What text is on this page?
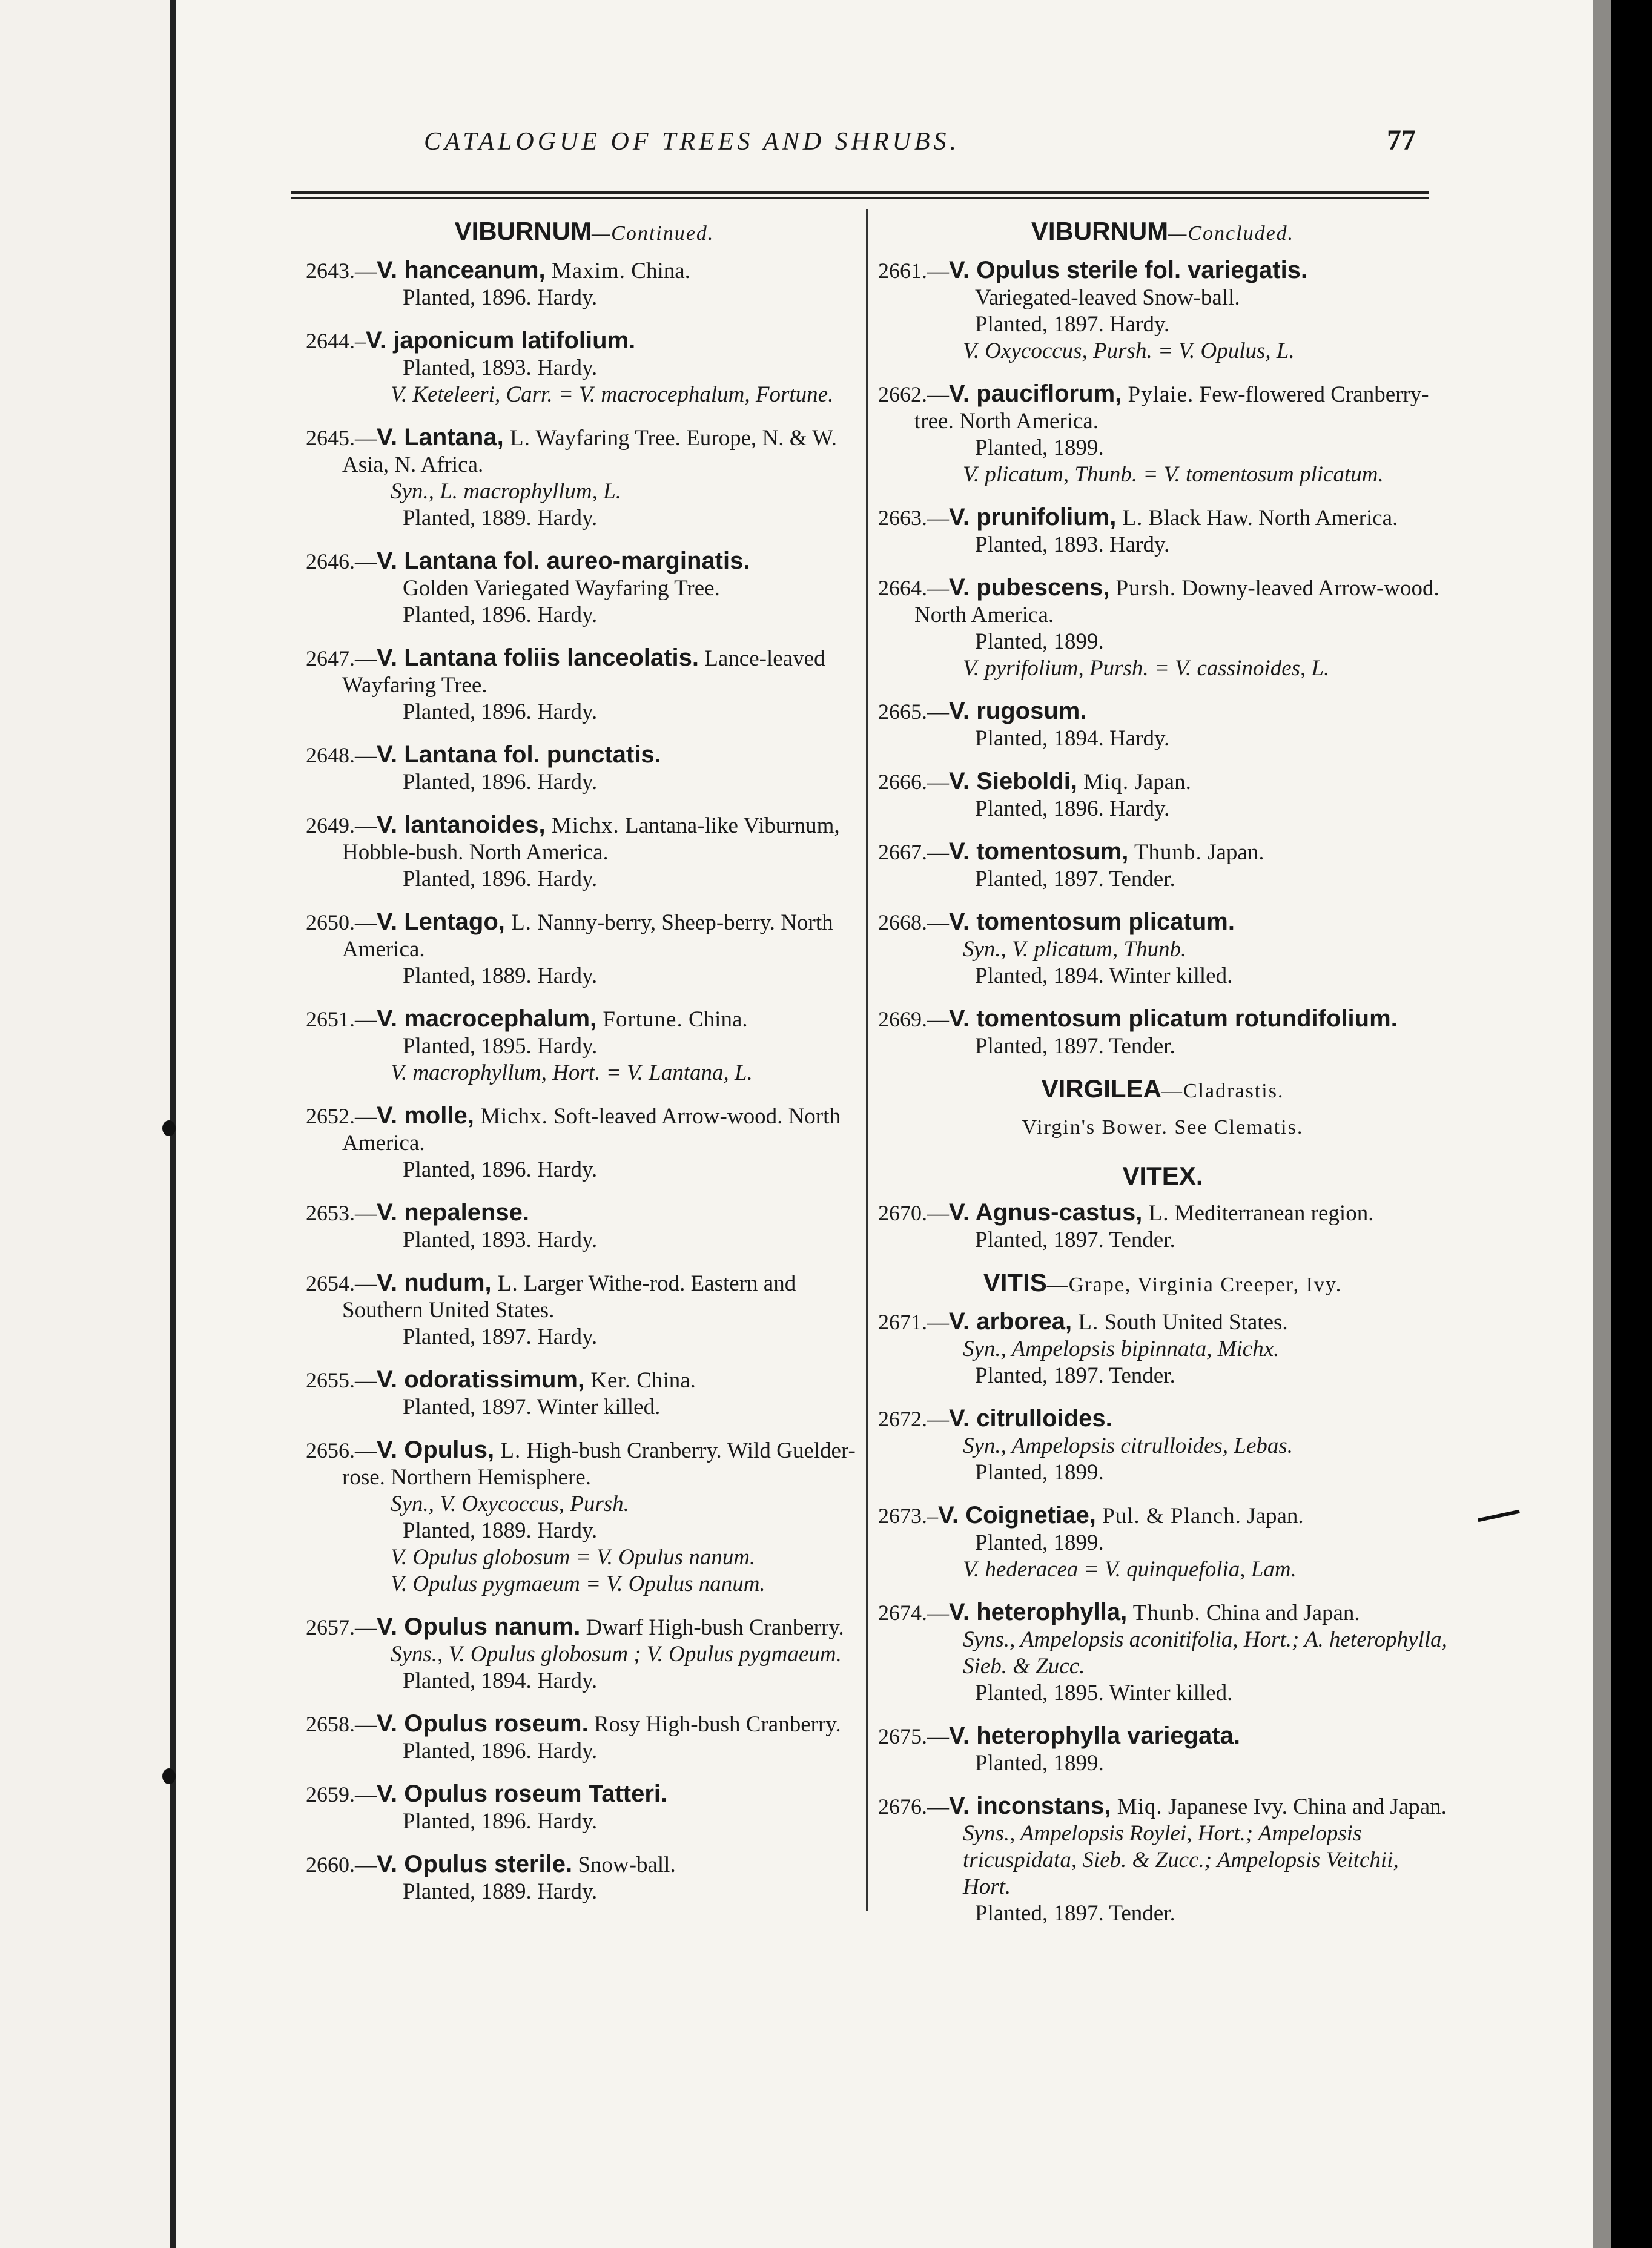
CATALOGUE OF TREES AND SHRUBS.	77
VIBURNUM—Continued.
2643.—V. hanceanum, Maxim. China.
Planted, 1896. Hardy.
2644.–V. japonicum latifolium.
Planted, 1893. Hardy.
V. Keteleeri, Carr. = V. macrocephalum, Fortune.
2645.—V. Lantana, L. Wayfaring Tree. Europe, N. & W. Asia, N. Africa.
Syn., L. macrophyllum, L.
Planted, 1889. Hardy.
2646.—V. Lantana fol. aureo-marginatis.
Golden Variegated Wayfaring Tree.
Planted, 1896. Hardy.
2647.—V. Lantana foliis lanceolatis. Lance-leaved Wayfaring Tree.
Planted, 1896. Hardy.
2648.—V. Lantana fol. punctatis.
Planted, 1896. Hardy.
2649.—V. lantanoides, Michx. Lantana-like Viburnum, Hobble-bush. North America.
Planted, 1896. Hardy.
2650.—V. Lentago, L. Nanny-berry, Sheep-berry. North America.
Planted, 1889. Hardy.
2651.—V. macrocephalum, Fortune. China.
Planted, 1895. Hardy.
V. macrophyllum, Hort. = V. Lantana, L.
2652.—V. molle, Michx. Soft-leaved Arrow-wood. North America.
Planted, 1896. Hardy.
2653.—V. nepalense.
Planted, 1893. Hardy.
2654.—V. nudum, L. Larger Withe-rod. Eastern and Southern United States.
Planted, 1897. Hardy.
2655.—V. odoratissimum, Ker. China.
Planted, 1897. Winter killed.
2656.—V. Opulus, L. High-bush Cranberry. Wild Guelder-rose. Northern Hemisphere.
Syn., V. Oxycoccus, Pursh.
Planted, 1889. Hardy.
V. Opulus globosum = V. Opulus nanum.
V. Opulus pygmaeum = V. Opulus nanum.
2657.—V. Opulus nanum. Dwarf High-bush Cranberry.
Syns., V. Opulus globosum ; V. Opulus pygmaeum.
Planted, 1894. Hardy.
2658.—V. Opulus roseum. Rosy High-bush Cranberry.
Planted, 1896. Hardy.
2659.—V. Opulus roseum Tatteri.
Planted, 1896. Hardy.
2660.—V. Opulus sterile. Snow-ball.
Planted, 1889. Hardy.
VIBURNUM—Concluded.
2661.—V. Opulus sterile fol. variegatis.
Variegated-leaved Snow-ball.
Planted, 1897. Hardy.
V. Oxycoccus, Pursh. = V. Opulus, L.
2662.—V. pauciflorum, Pylaie. Few-flowered Cranberry-tree. North America.
Planted, 1899.
V. plicatum, Thunb. = V. tomentosum plicatum.
2663.—V. prunifolium, L. Black Haw. North America.
Planted, 1893. Hardy.
2664.—V. pubescens, Pursh. Downy-leaved Arrow-wood. North America.
Planted, 1899.
V. pyrifolium, Pursh. = V. cassinoides, L.
2665.—V. rugosum.
Planted, 1894. Hardy.
2666.—V. Sieboldi, Miq. Japan.
Planted, 1896. Hardy.
2667.—V. tomentosum, Thunb. Japan.
Planted, 1897. Tender.
2668.—V. tomentosum plicatum.
Syn., V. plicatum, Thunb.
Planted, 1894. Winter killed.
2669.—V. tomentosum plicatum rotundifolium.
Planted, 1897. Tender.
VIRGILEA—Cladrastis.
Virgin's Bower. See Clematis.
VITEX.
2670.—V. Agnus-castus, L. Mediterranean region.
Planted, 1897. Tender.
VITIS—Grape, Virginia Creeper, Ivy.
2671.—V. arborea, L. South United States.
Syn., Ampelopsis bipinnata, Michx.
Planted, 1897. Tender.
2672.—V. citrulloides.
Syn., Ampelopsis citrulloides, Lebas.
Planted, 1899.
2673.–V. Coignetiae, Pul. & Planch. Japan.
Planted, 1899.
V. hederacea = V. quinquefolia, Lam.
2674.—V. heterophylla, Thunb. China and Japan.
Syns., Ampelopsis aconitifolia, Hort.; A. heterophylla, Sieb. & Zucc.
Planted, 1895. Winter killed.
2675.—V. heterophylla variegata.
Planted, 1899.
2676.—V. inconstans, Miq. Japanese Ivy. China and Japan.
Syns., Ampelopsis Roylei, Hort.; Ampelopsis tricuspidata, Sieb. & Zucc.; Ampelopsis Veitchii, Hort.
Planted, 1897. Tender.
